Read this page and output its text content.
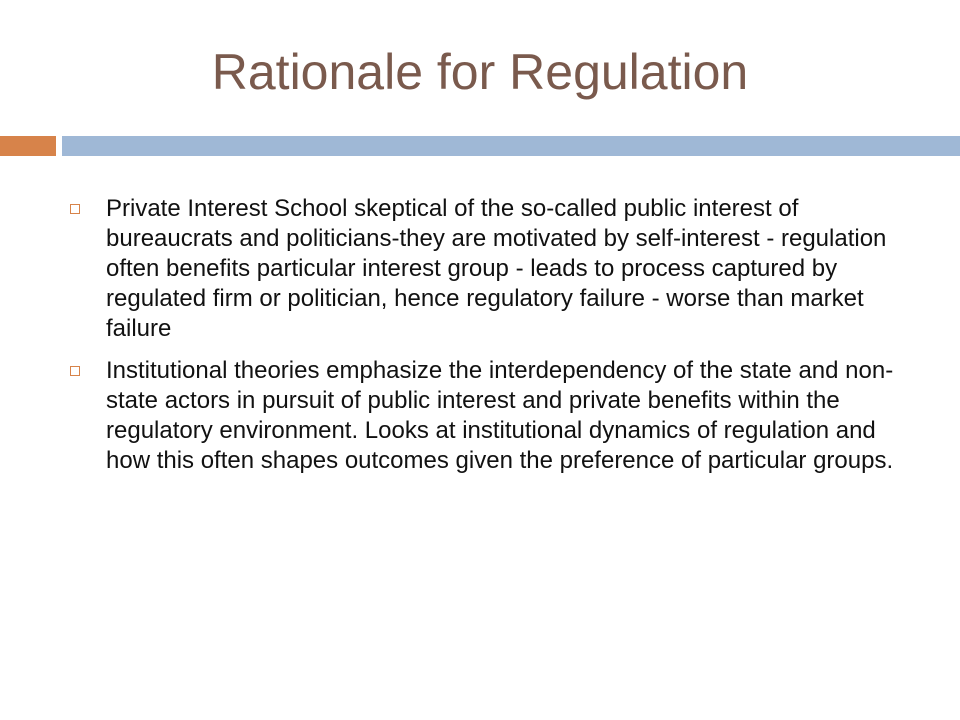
Rationale for Regulation
Private Interest School skeptical of the so-called public interest of bureaucrats and politicians-they are motivated by self-interest - regulation often benefits particular interest group - leads to process captured by regulated firm or politician, hence regulatory failure - worse than market failure
Institutional theories emphasize the interdependency of the state and non-state actors in pursuit of public interest and private benefits within the regulatory environment. Looks at institutional dynamics of regulation and how this often shapes outcomes given the preference of particular groups.
